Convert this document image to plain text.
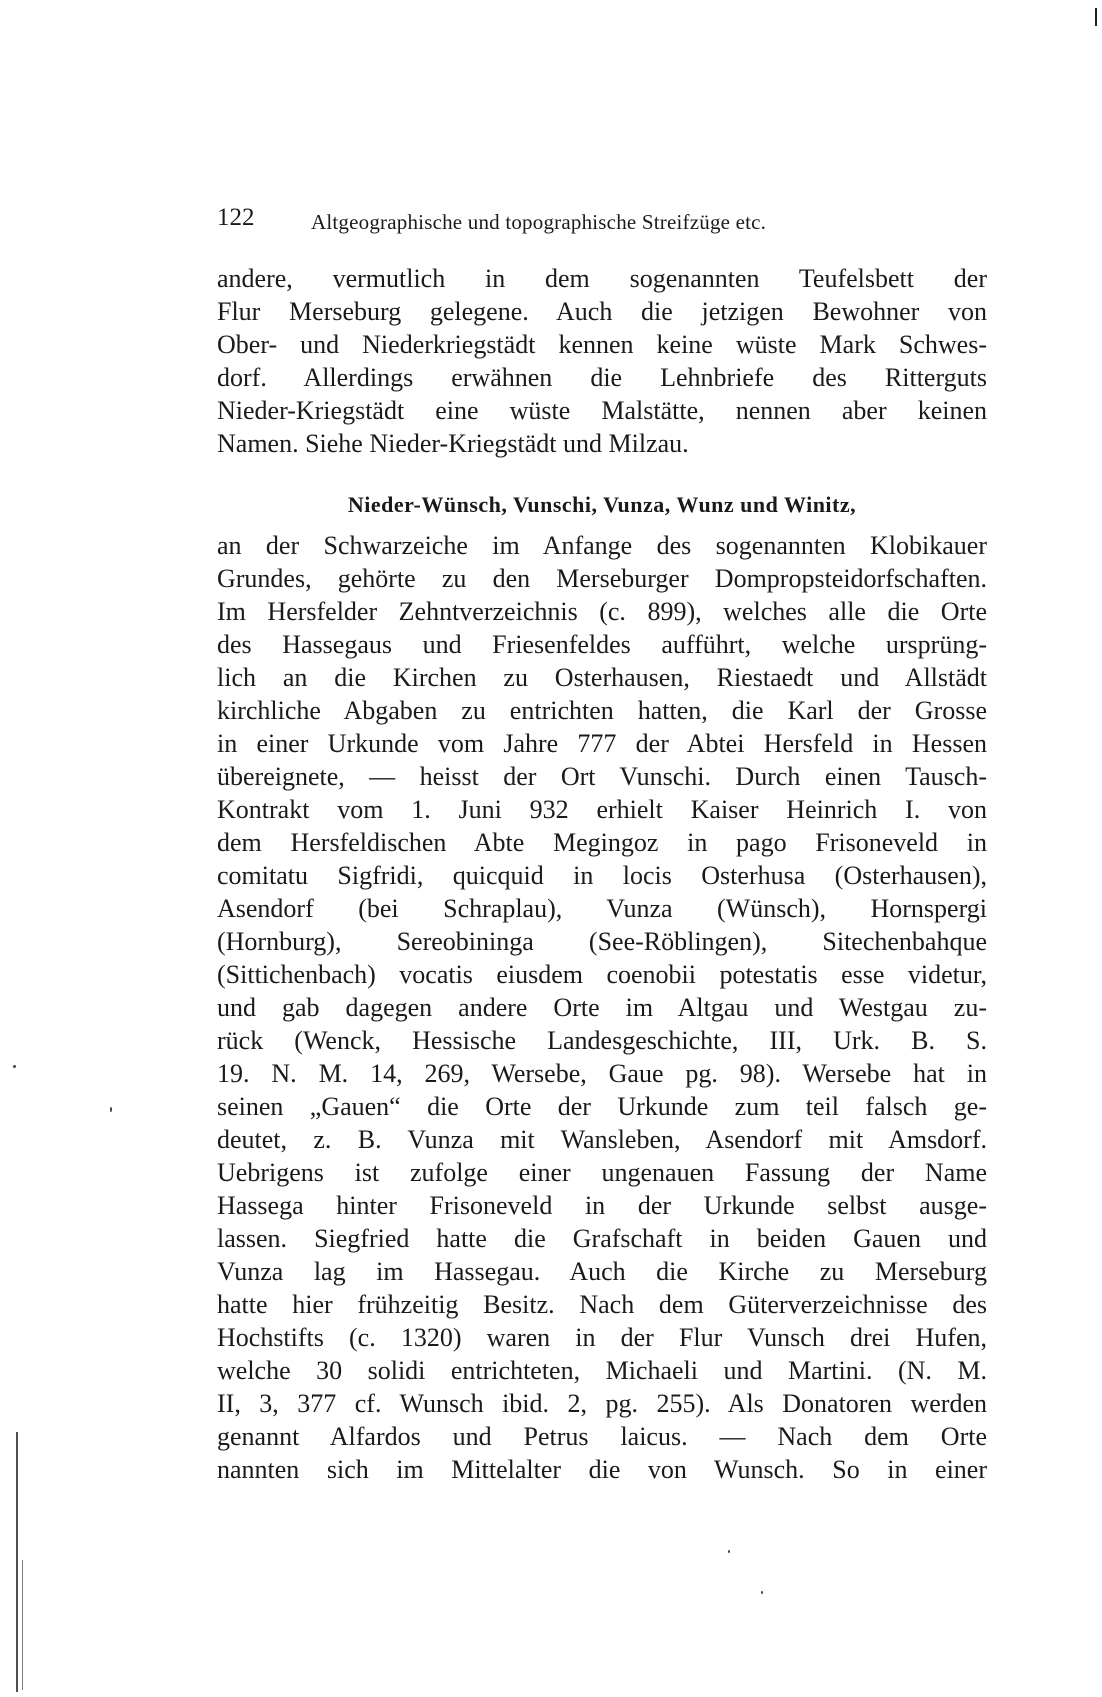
122	Altgeographische und topographische Streifzüge etc.
andere, vermutlich in dem sogenannten Teufelsbett der
Flur Merseburg gelegene. Auch die jetzigen Bewohner von
Ober- und Niederkriegstädt kennen keine wüste Mark Schwes-
dorf. Allerdings erwähnen die Lehnbriefe des Ritterguts
Nieder-Kriegstädt eine wüste Malstätte, nennen aber keinen
Namen. Siehe Nieder-Kriegstädt und Milzau.
Nieder-Wünsch, Vunschi, Vunza, Wunz und Winitz,
an der Schwarzeiche im Anfange des sogenannten Klobikauer
Grundes, gehörte zu den Merseburger Dompropsteidorfschaften.
Im Hersfelder Zehntverzeichnis (c. 899), welches alle die Orte
des Hassegaus und Friesenfeldes aufführt, welche ursprüng-
lich an die Kirchen zu Osterhausen, Riestaedt und Allstädt
kirchliche Abgaben zu entrichten hatten, die Karl der Grosse
in einer Urkunde vom Jahre 777 der Abtei Hersfeld in Hessen
übereignete, — heisst der Ort Vunschi. Durch einen Tausch-
Kontrakt vom 1. Juni 932 erhielt Kaiser Heinrich I. von
dem Hersfeldischen Abte Megingoz in pago Frisoneveld in
comitatu Sigfridi, quicquid in locis Osterhusa (Osterhausen),
Asendorf (bei Schraplau), Vunza (Wünsch), Hornspergi
(Hornburg), Sereobininga (See-Röblingen), Sitechenbahque
(Sittichenbach) vocatis eiusdem coenobii potestatis esse videtur,
und gab dagegen andere Orte im Altgau und Westgau zu-
rück (Wenck, Hessische Landesgeschichte, III, Urk. B. S.
19. N. M. 14, 269, Wersebe, Gaue pg. 98). Wersebe hat in
seinen „Gauen“ die Orte der Urkunde zum teil falsch ge-
deutet, z. B. Vunza mit Wansleben, Asendorf mit Amsdorf.
Uebrigens ist zufolge einer ungenauen Fassung der Name
Hassega hinter Frisoneveld in der Urkunde selbst ausge-
lassen. Siegfried hatte die Grafschaft in beiden Gauen und
Vunza lag im Hassegau. Auch die Kirche zu Merseburg
hatte hier frühzeitig Besitz. Nach dem Güterverzeichnisse des
Hochstifts (c. 1320) waren in der Flur Vunsch drei Hufen,
welche 30 solidi entrichteten, Michaeli und Martini. (N. M.
II, 3, 377 cf. Wunsch ibid. 2, pg. 255). Als Donatoren werden
genannt Alfardos und Petrus laicus. — Nach dem Orte
nannten sich im Mittelalter die von Wunsch. So in einer
